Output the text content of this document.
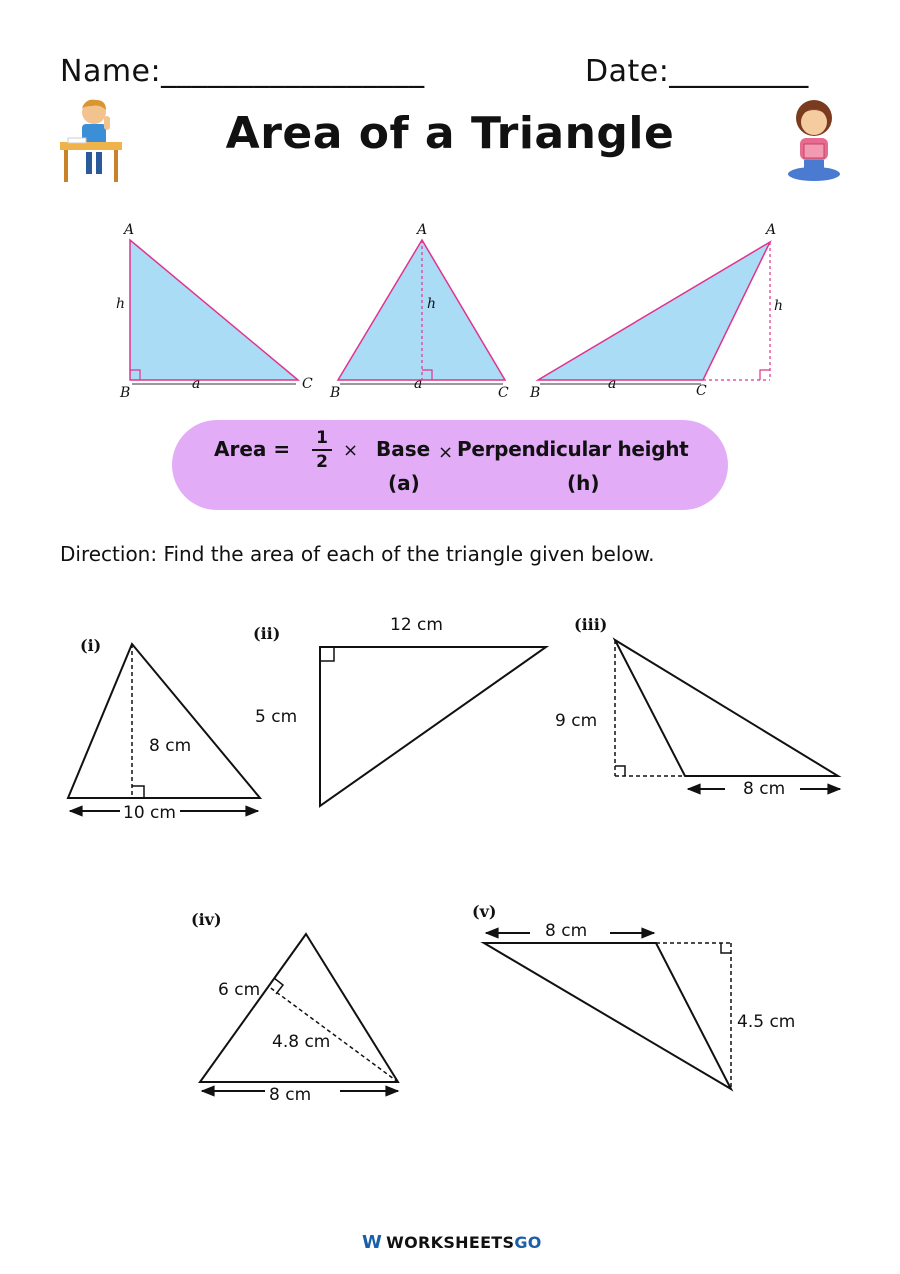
Name:_________________	Date:_________
Area of a Triangle
A
h
B
a	C
A
h
B
a
C
A
h
B
a	C
Area = 1
2
× Base × Perpendicular height
(a)	(h)
Direction: Find the area of each of the triangle given below.
(i)
8 cm
10 cm
(ii)	12 cm
5 cm
(iii)
9 cm
8 cm
(iv)
6 cm
4.8 cm
8 cm
(v)
8 cm
4.5 cm
W WORKSHEETSGO
